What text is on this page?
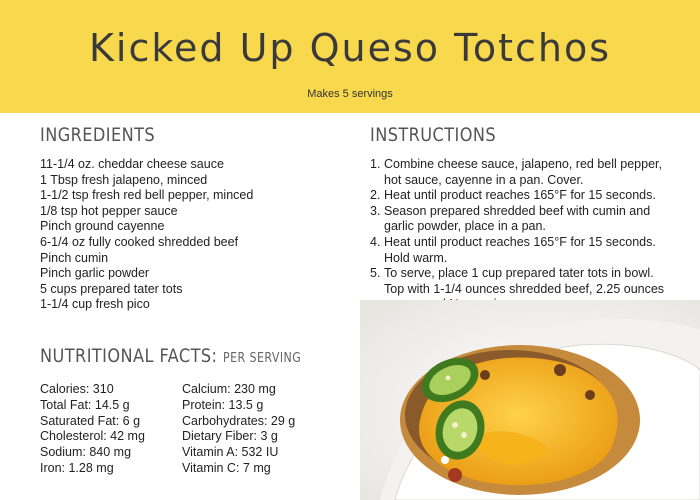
Kicked Up Queso Totchos
Makes 5 servings
INGREDIENTS
11-1/4 oz. cheddar cheese sauce
1 Tbsp fresh jalapeno, minced
1-1/2 tsp fresh red bell pepper, minced
1/8 tsp hot pepper sauce
Pinch ground cayenne
6-1/4 oz fully cooked shredded beef
Pinch cumin
Pinch garlic powder
5 cups prepared tater tots
1-1/4 cup fresh pico
INSTRUCTIONS
1. Combine cheese sauce, jalapeno, red bell pepper,
hot sauce, cayenne in a pan. Cover.
2. Heat until product reaches 165°F for 15 seconds.
3. Season prepared shredded beef with cumin and
garlic powder, place in a pan.
4. Heat until product reaches 165°F for 15 seconds.
Hold warm.
5. To serve, place 1 cup prepared tater tots in bowl.
Top with 1-1/4 ounces shredded beef, 2.25 ounces
NUTRITIONAL FACTS: PER SERVING
Calories: 310
Total Fat: 14.5 g
Saturated Fat: 6 g
Cholesterol: 42 mg
Sodium: 840 mg
Iron: 1.28 mg
Calcium: 230 mg
Protein: 13.5 g
Carbohydrates: 29 g
Dietary Fiber: 3 g
Vitamin A: 532 IU
Vitamin C: 7 mg
